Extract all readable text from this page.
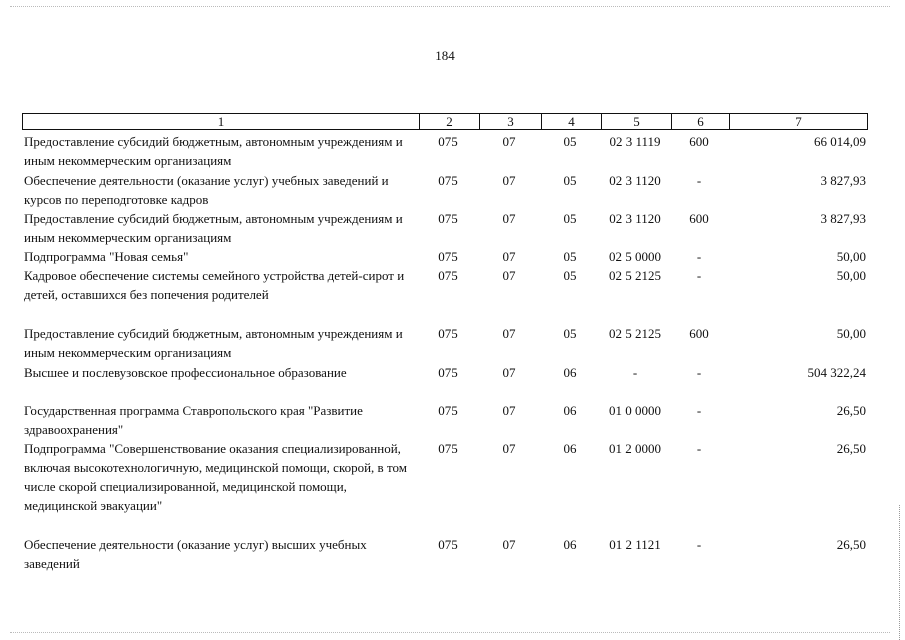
184
1	2	3	4	5	6	7
Предоставление субсидий бюджетным, автономным учреждениям и иным некоммерческим организациям
075	07	05	02 3 1119	600	66 014,09
Обеспечение деятельности (оказание услуг) учебных заведений и курсов по переподготовке кадров
075	07	05	02 3 1120	-	3 827,93
Предоставление субсидий бюджетным, автономным учреждениям и иным некоммерческим организациям
075	07	05	02 3 1120	600	3 827,93
Подпрограмма "Новая семья"	075	07	05	02 5 0000	-	50,00
Кадровое обеспечение системы семейного устройства детей-сирот и детей, оставшихся без попечения родителей
075	07	05	02 5 2125	-	50,00
Предоставление субсидий бюджетным, автономным учреждениям и иным некоммерческим организациям
075	07	05	02 5 2125	600	50,00
Высшее и послевузовское профессиональное образование	075	07	06	-	-	504 322,24
Государственная программа Ставропольского края "Развитие здравоохранения"
075	07	06	01 0 0000	-	26,50
Подпрограмма "Совершенствование оказания специализированной, включая высокотехнологичную, медицинской помощи, скорой, в том числе скорой специализированной, медицинской помощи, медицинской эвакуации"
075	07	06	01 2 0000	-	26,50
Обеспечение деятельности (оказание услуг) высших учебных заведений
075	07	06	01 2 1121	-	26,50
